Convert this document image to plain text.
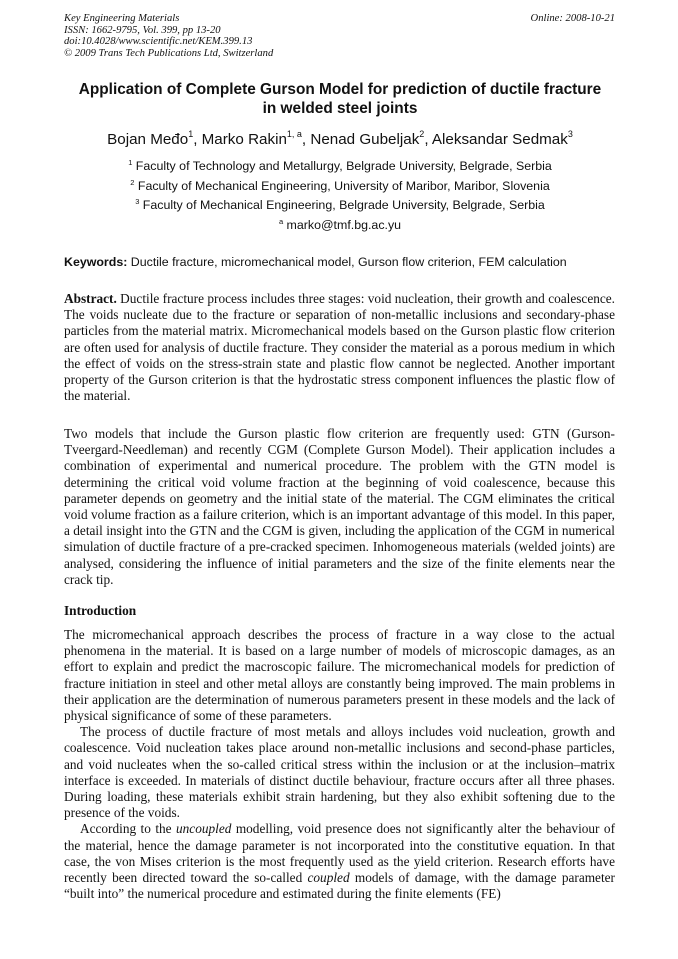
Key Engineering Materials
ISSN: 1662-9795, Vol. 399, pp 13-20
doi:10.4028/www.scientific.net/KEM.399.13
© 2009 Trans Tech Publications Ltd, Switzerland
Online: 2008-10-21
Application of Complete Gurson Model for prediction of ductile fracture
in welded steel joints
Bojan Međo$^1$, Marko Rakin$^{1, a}$, Nenad Gubeljak$^2$, Aleksandar Sedmak$^3$
$^1$ Faculty of Technology and Metallurgy, Belgrade University, Belgrade, Serbia
$^2$ Faculty of Mechanical Engineering, University of Maribor, Maribor, Slovenia
$^3$ Faculty of Mechanical Engineering, Belgrade University, Belgrade, Serbia
$^a$ marko@tmf.bg.ac.yu
Keywords: Ductile fracture, micromechanical model, Gurson flow criterion, FEM calculation
Abstract. Ductile fracture process includes three stages: void nucleation, their growth and coalescence. The voids nucleate due to the fracture or separation of non-metallic inclusions and secondary-phase particles from the material matrix. Micromechanical models based on the Gurson plastic flow criterion are often used for analysis of ductile fracture. They consider the material as a porous medium in which the effect of voids on the stress-strain state and plastic flow cannot be neglected. Another important property of the Gurson criterion is that the hydrostatic stress component influences the plastic flow of the material.
Two models that include the Gurson plastic flow criterion are frequently used: GTN (Gurson-Tveergard-Needleman) and recently CGM (Complete Gurson Model). Their application includes a combination of experimental and numerical procedure. The problem with the GTN model is determining the critical void volume fraction at the beginning of void coalescence, because this parameter depends on geometry and the initial state of the material. The CGM eliminates the critical void volume fraction as a failure criterion, which is an important advantage of this model. In this paper, a detail insight into the GTN and the CGM is given, including the application of the CGM in numerical simulation of ductile fracture of a pre-cracked specimen. Inhomogeneous materials (welded joints) are analysed, considering the influence of initial parameters and the size of the finite elements near the crack tip.
Introduction

The micromechanical approach describes the process of fracture in a way close to the actual phenomena in the material. It is based on a large number of models of microscopic damages, as an effort to explain and predict the macroscopic failure. The micromechanical models for prediction of fracture initiation in steel and other metal alloys are constantly being improved. The main problems in their application are the determination of numerous parameters present in these models and the lack of physical significance of some of these parameters.

The process of ductile fracture of most metals and alloys includes void nucleation, growth and coalescence. Void nucleation takes place around non-metallic inclusions and second-phase particles, and void nucleates when the so-called critical stress within the inclusion or at the inclusion–matrix interface is exceeded. In materials of distinct ductile behaviour, fracture occurs after all three phases. During loading, these materials exhibit strain hardening, but they also exhibit softening due to the presence of the voids.

According to the uncoupled modelling, void presence does not significantly alter the behaviour of the material, hence the damage parameter is not incorporated into the constitutive equation. In that case, the von Mises criterion is the most frequently used as the yield criterion. Research efforts have recently been directed toward the so-called coupled models of damage, with the damage parameter “built into” the numerical procedure and estimated during the finite elements (FE)
